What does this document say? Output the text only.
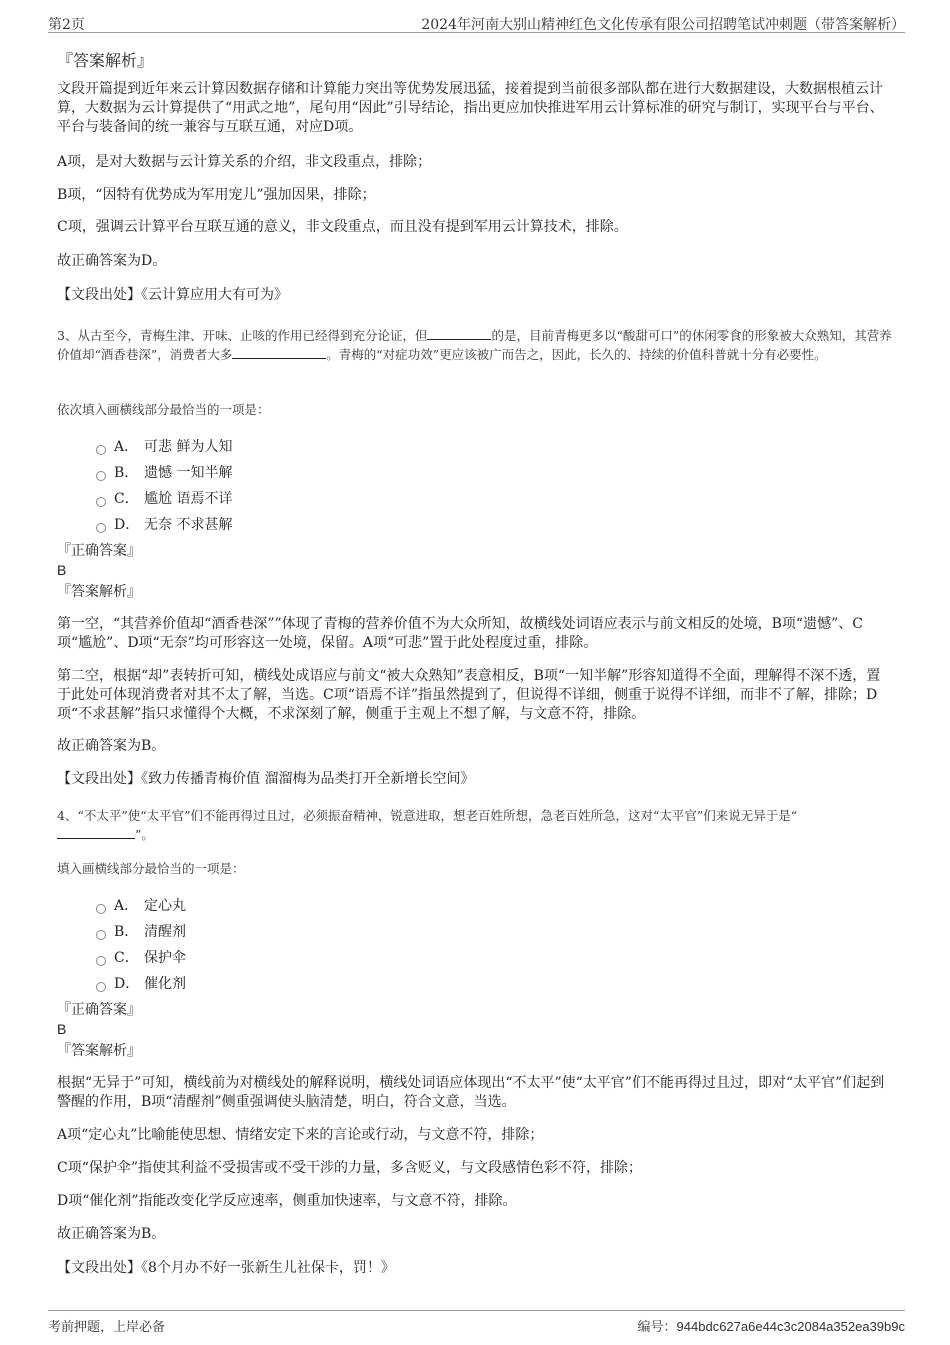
第2页	2024年河南大别山精神红色文化传承有限公司招聘笔试冲刺题（带答案解析）
『答案解析』

文段开篇提到近年来云计算因数据存储和计算能力突出等优势发展迅猛，接着提到当前很多部队都在进行大数据建设，大数据根植云计算，大数据为云计算提供了“用武之地”，尾句用“因此”引导结论，指出更应加快推进军用云计算标准的研究与制订，实现平台与平台、平台与装备间的统一兼容与互联互通，对应D项。

A项，是对大数据与云计算关系的介绍，非文段重点，排除；

B项，“因特有优势成为军用宠儿”强加因果，排除；

C项，强调云计算平台互联互通的意义，非文段重点，而且没有提到军用云计算技术，排除。

故正确答案为D。

【文段出处】《云计算应用大有可为》

3、从古至今，青梅生津、开味、止咳的作用已经得到充分论证，但	的是，目前青梅更多以“酸甜可口”的休闲零食的形象被大众熟知，其营养价值却“酒香巷深”，消费者大多	。青梅的“对症功效”更应该被广而告之，因此，长久的、持续的价值科普就十分有必要性。
依次填入画横线部分最恰当的一项是：
A． 可悲 鲜为人知
B． 遗憾 一知半解
C． 尴尬 语焉不详
D． 无奈 不求甚解
『正确答案』
B
『答案解析』

第一空，“其营养价值却“酒香巷深””体现了青梅的营养价值不为大众所知，故横线处词语应表示与前文相反的处境，B项“遗憾”、C项“尴尬”、D项“无奈”均可形容这一处境，保留。A项“可悲”置于此处程度过重，排除。

第二空，根据“却”表转折可知，横线处成语应与前文“被大众熟知”表意相反，B项“一知半解”形容知道得不全面，理解得不深不透，置于此处可体现消费者对其不太了解，当选。C项“语焉不详”指虽然提到了，但说得不详细，侧重于说得不详细，而非不了解，排除；D项“不求甚解”指只求懂得个大概，不求深刻了解，侧重于主观上不想了解，与文意不符，排除。

故正确答案为B。

【文段出处】《致力传播青梅价值 溜溜梅为品类打开全新增长空间》

4、“不太平”使“太平官”们不能再得过且过，必须振奋精神，锐意进取，想老百姓所想，急老百姓所急，这对“太平官”们来说无异于是“
”。
填入画横线部分最恰当的一项是：
A． 定心丸
B． 清醒剂
C． 保护伞
D． 催化剂
『正确答案』
B
『答案解析』

根据“无异于”可知，横线前为对横线处的解释说明，横线处词语应体现出“不太平”使“太平官”们不能再得过且过，即对“太平官”们起到警醒的作用，B项“清醒剂”侧重强调使头脑清楚，明白，符合文意，当选。

A项“定心丸”比喻能使思想、情绪安定下来的言论或行动，与文意不符，排除；

C项“保护伞”指使其利益不受损害或不受干涉的力量，多含贬义，与文段感情色彩不符，排除；

D项“催化剂”指能改变化学反应速率，侧重加快速率，与文意不符，排除。

故正确答案为B。

【文段出处】《8个月办不好一张新生儿社保卡，罚！》

考前押题，上岸必备	编号：944bdc627a6e44c3c2084a352ea39b9c
